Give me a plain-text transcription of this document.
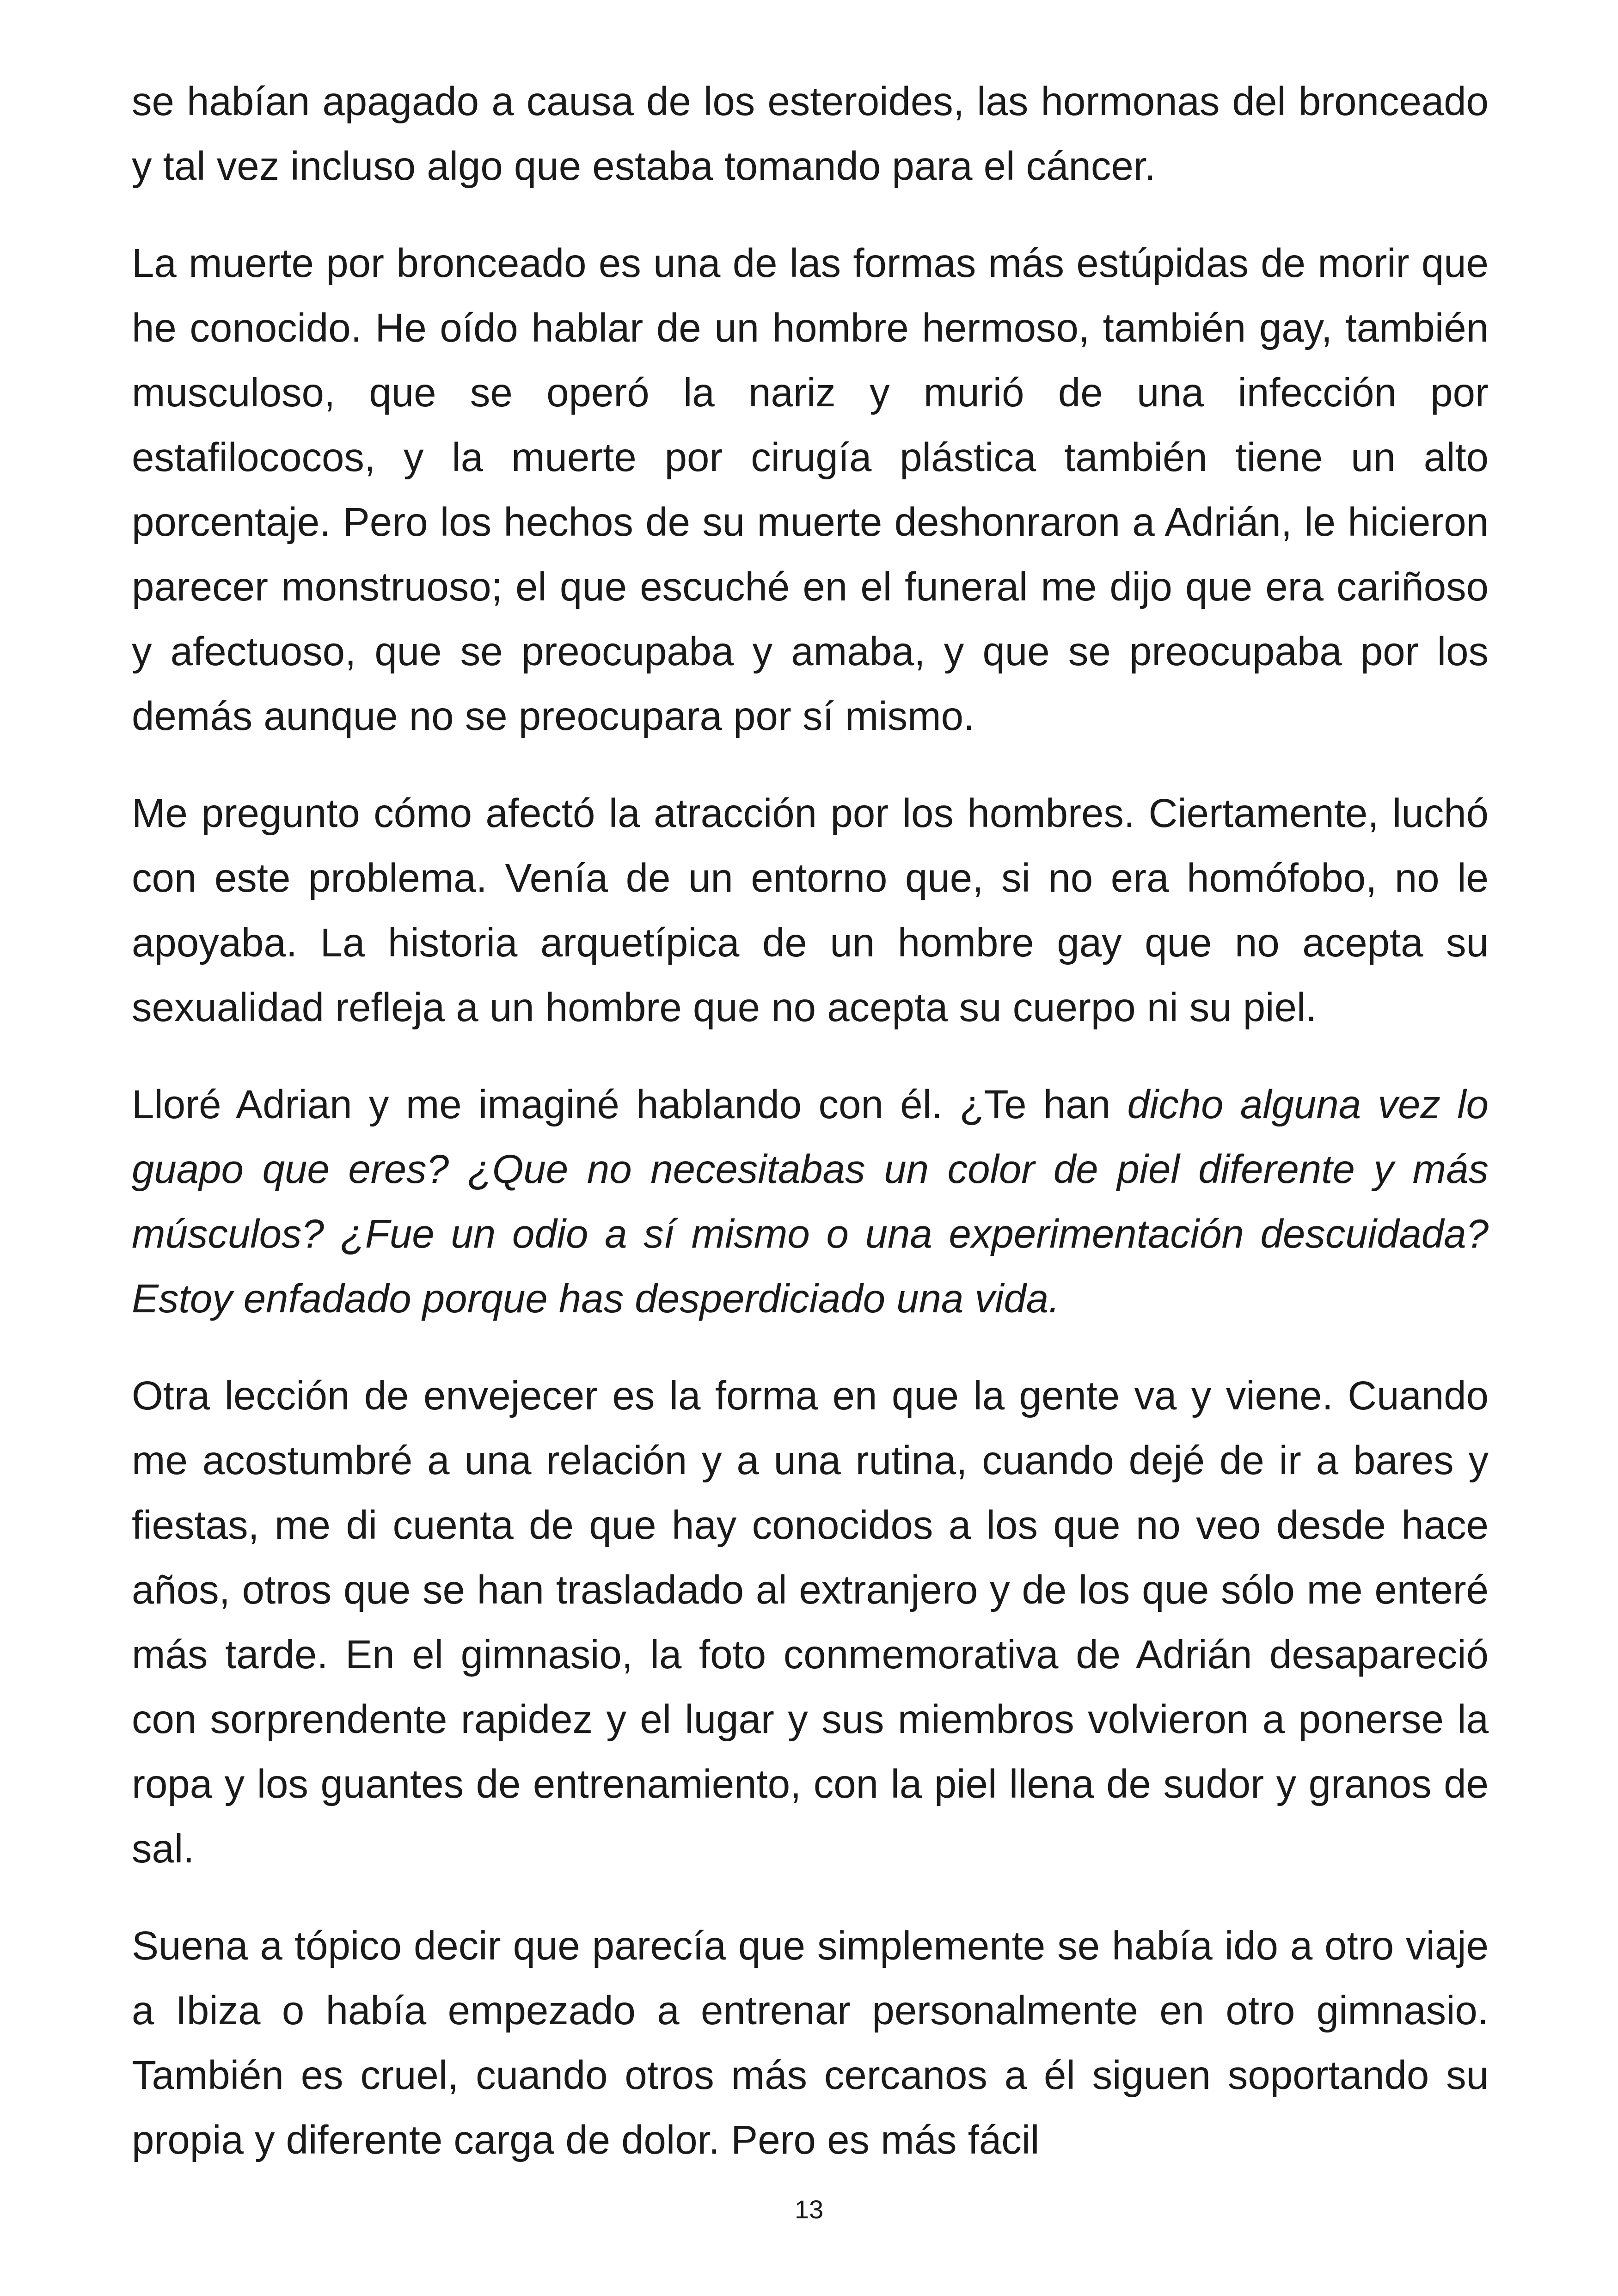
se habían apagado a causa de los esteroides, las hormonas del bronceado y tal vez incluso algo que estaba tomando para el cáncer.

La muerte por bronceado es una de las formas más estúpidas de morir que he conocido. He oído hablar de un hombre hermoso, también gay, también musculoso, que se operó la nariz y murió de una infección por estafilococos, y la muerte por cirugía plástica también tiene un alto porcentaje. Pero los hechos de su muerte deshonraron a Adrián, le hicieron parecer monstruoso; el que escuché en el funeral me dijo que era cariñoso y afectuoso, que se preocupaba y amaba, y que se preocupaba por los demás aunque no se preocupara por sí mismo.

Me pregunto cómo afectó la atracción por los hombres. Ciertamente, luchó con este problema. Venía de un entorno que, si no era homófobo, no le apoyaba. La historia arquetípica de un hombre gay que no acepta su sexualidad refleja a un hombre que no acepta su cuerpo ni su piel.

Lloré Adrian y me imaginé hablando con él. ¿Te han dicho alguna vez lo guapo que eres? ¿Que no necesitabas un color de piel diferente y más músculos? ¿Fue un odio a sí mismo o una experimentación descuidada? Estoy enfadado porque has desperdiciado una vida.

Otra lección de envejecer es la forma en que la gente va y viene. Cuando me acostumbré a una relación y a una rutina, cuando dejé de ir a bares y fiestas, me di cuenta de que hay conocidos a los que no veo desde hace años, otros que se han trasladado al extranjero y de los que sólo me enteré más tarde. En el gimnasio, la foto conmemorativa de Adrián desapareció con sorprendente rapidez y el lugar y sus miembros volvieron a ponerse la ropa y los guantes de entrenamiento, con la piel llena de sudor y granos de sal.

Suena a tópico decir que parecía que simplemente se había ido a otro viaje a Ibiza o había empezado a entrenar personalmente en otro gimnasio. También es cruel, cuando otros más cercanos a él siguen soportando su propia y diferente carga de dolor. Pero es más fácil

13
